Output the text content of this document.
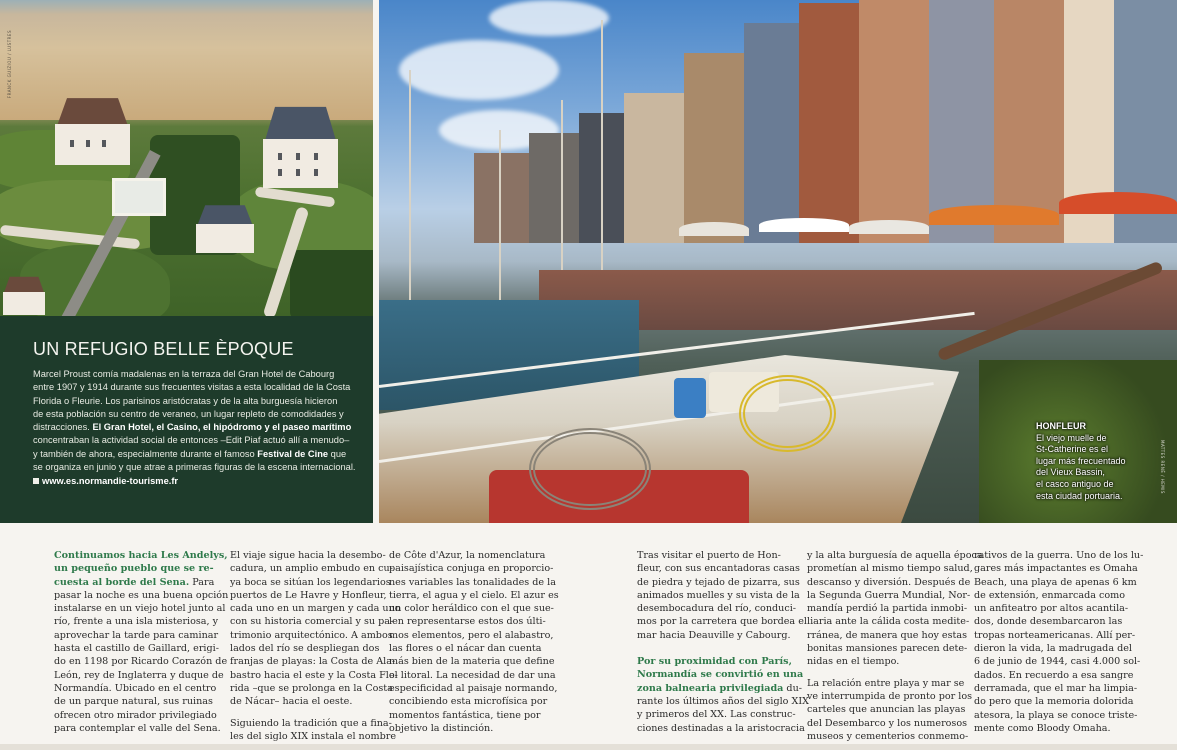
FRANCK GUIZIOU / LUSTRES
UN REFUGIO BELLE ÈPOQUE
Marcel Proust comía madalenas en la terraza del Gran Hotel de Cabourg
entre 1907 y 1914 durante sus frecuentes visitas a esta localidad de la Costa
Florida o Fleurie. Los parisinos aristócratas y de la alta burguesía hicieron
de esta población su centro de veraneo, un lugar repleto de comodidades y
distracciones. El Gran Hotel, el Casino, el hipódromo y el paseo marítimo
concentraban la actividad social de entonces –Edit Piaf actuó allí a menudo–
y también de ahora, especialmente durante el famoso Festival de Cine que
se organiza en junio y que atrae a primeras figuras de la escena internacional.
www.es.normandie-tourisme.fr
HONFLEUR
El viejo muelle de
St-Catherine es el
lugar más frecuentado
del Vieux Bassin,
el casco antiguo de
esta ciudad portuaria.
MATTES RENÉ / HEMIS
Continuamos hacia Les Andelys,
un pequeño pueblo que se re-
cuesta al borde del Sena. Para
pasar la noche es una buena opción
instalarse en un viejo hotel junto al
río, frente a una isla misteriosa, y
aprovechar la tarde para caminar
hasta el castillo de Gaillard, erigi-
do en 1198 por Ricardo Corazón de
León, rey de Inglaterra y duque de
Normandía. Ubicado en el centro
de un parque natural, sus ruinas
ofrecen otro mirador privilegiado
para contemplar el valle del Sena.
El viaje sigue hacia la desembo-
cadura, un amplio embudo en cu-
ya boca se sitúan los legendarios
puertos de Le Havre y Honfleur,
cada uno en un margen y cada uno
con su historia comercial y su pa-
trimonio arquitectónico. A ambos
lados del río se despliegan dos
franjas de playas: la Costa de Ala-
bastro hacia el este y la Costa Flo-
rida –que se prolonga en la Costa
de Nácar– hacia el oeste.
Siguiendo la tradición que a fina-
les del siglo XIX instala el nombre
de Côte d'Azur, la nomenclatura
paisajística conjuga en proporcio-
nes variables las tonalidades de la
tierra, el agua y el cielo. El azur es
un color heráldico con el que sue-
len representarse estos dos últi-
mos elementos, pero el alabastro,
las flores o el nácar dan cuenta
más bien de la materia que define
el litoral. La necesidad de dar una
especificidad al paisaje normando,
concibiendo esta microfísica por
momentos fantástica, tiene por
objetivo la distinción.
Tras visitar el puerto de Hon-
fleur, con sus encantadoras casas
de piedra y tejado de pizarra, sus
animados muelles y su vista de la
desembocadura del río, conduci-
mos por la carretera que bordea el
mar hacia Deauville y Cabourg.
Por su proximidad con París,
Normandía se convirtió en una
zona balnearia privilegiada du-
rante los últimos años del siglo XIX
y primeros del XX. Las construc-
ciones destinadas a la aristocracia
y la alta burguesía de aquella época
prometían al mismo tiempo salud,
descanso y diversión. Después de
la Segunda Guerra Mundial, Nor-
mandía perdió la partida inmobi-
liaria ante la cálida costa medite-
rránea, de manera que hoy estas
bonitas mansiones parecen dete-
nidas en el tiempo.
La relación entre playa y mar se
ve interrumpida de pronto por los
carteles que anuncian las playas
del Desembarco y los numerosos
museos y cementerios conmemo-
rativos de la guerra. Uno de los lu-
gares más impactantes es Omaha
Beach, una playa de apenas 6 km
de extensión, enmarcada como
un anfiteatro por altos acantila-
dos, donde desembarcaron las
tropas norteamericanas. Allí per-
dieron la vida, la madrugada del
6 de junio de 1944, casi 4.000 sol-
dados. En recuerdo a esa sangre
derramada, que el mar ha limpia-
do pero que la memoria dolorida
atesora, la playa se conoce triste-
mente como Bloody Omaha.
